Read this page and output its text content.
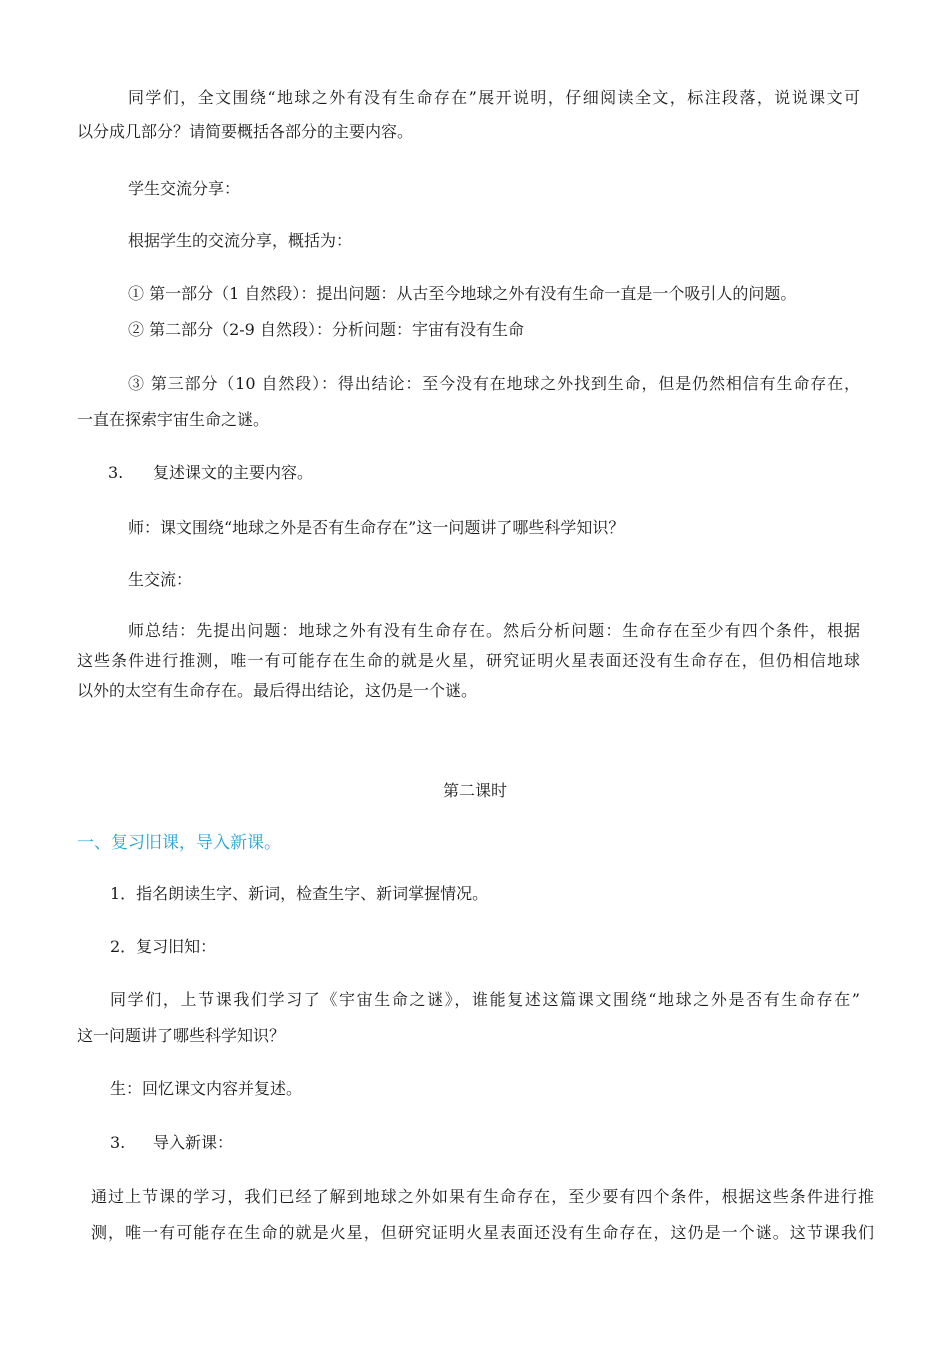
同学们，全文围绕“地球之外有没有生命存在”展开说明，仔细阅读全文，标注段落，说说课文可
以分成几部分？请简要概括各部分的主要内容。
学生交流分享：
根据学生的交流分享，概括为：
① 第一部分（1 自然段）：提出问题：从古至今地球之外有没有生命一直是一个吸引人的问题。
② 第二部分（2-9 自然段）：分析问题：宇宙有没有生命
③ 第三部分（10 自然段）：得出结论：至今没有在地球之外找到生命，但是仍然相信有生命存在，
一直在探索宇宙生命之谜。
3. 复述课文的主要内容。
师：课文围绕“地球之外是否有生命存在”这一问题讲了哪些科学知识？
生交流：
师总结：先提出问题：地球之外有没有生命存在。然后分析问题：生命存在至少有四个条件，根据
这些条件进行推测，唯一有可能存在生命的就是火星，研究证明火星表面还没有生命存在，但仍相信地球
以外的太空有生命存在。最后得出结论，这仍是一个谜。
第二课时
一、复习旧课，导入新课。
1．指名朗读生字、新词，检查生字、新词掌握情况。
2．复习旧知：
同学们，上节课我们学习了《宇宙生命之谜》，谁能复述这篇课文围绕“地球之外是否有生命存在”
这一问题讲了哪些科学知识？
生：回忆课文内容并复述。
3. 导入新课：
通过上节课的学习，我们已经了解到地球之外如果有生命存在，至少要有四个条件，根据这些条件进行推
测，唯一有可能存在生命的就是火星，但研究证明火星表面还没有生命存在，这仍是一个谜。这节课我们
